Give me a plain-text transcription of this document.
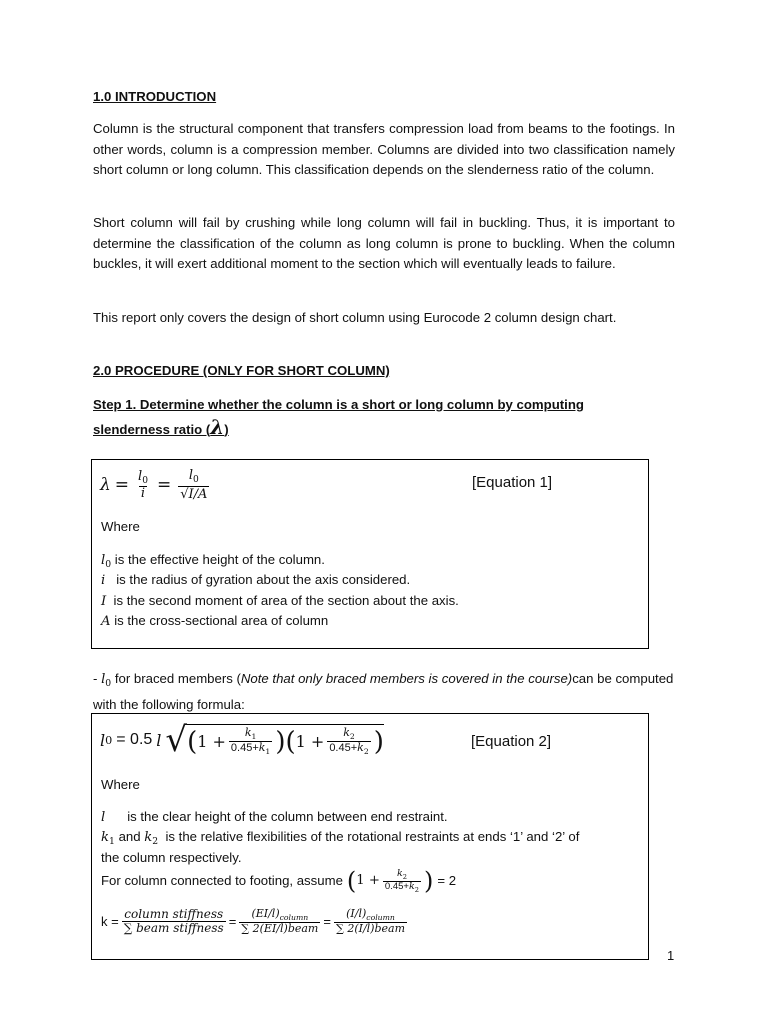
1.0 INTRODUCTION
Column is the structural component that transfers compression load from beams to the footings. In other words, column is a compression member. Columns are divided into two classification namely short column or long column. This classification depends on the slenderness ratio of the column.
Short column will fail by crushing while long column will fail in buckling. Thus, it is important to determine the classification of the column as long column is prone to buckling. When the column buckles, it will exert additional moment to the section which will eventually leads to failure.
This report only covers the design of short column using Eurocode 2 column design chart.
2.0 PROCEDURE (ONLY FOR SHORT COLUMN)
Step 1. Determine whether the column is a short or long column by computing slenderness ratio (λ)
$\lambda = \frac{l_0}{i} = \frac{l_0}{√I/A}$	[Equation 1]
Where
$l_0$ is the effective height of the column.
i is the radius of gyration about the axis considered.
I is the second moment of area of the section about the axis.
A is the cross-sectional area of column
- $l_0$ for braced members (Note that only braced members is covered in the course)can be computed with the following formula:
l 0 = 0.5 l √ ( $1 + \frac{k_1}{0.45+k_1}$ ) ( $1 + \frac{k_2}{0.45+k_2}$ )	[Equation 2]
Where
l is the clear height of the column between end restraint.
$k_1$ and $k_2$ is the relative flexibilities of the rotational restraints at ends ‘1’ and ‘2’ of
the column respectively.
For column connected to footing, assume ( $1 + \frac{k_2}{0.45+k_2}$ ) = 2
$k = \frac{\text{column stiffness}}{\text{∑ beam stiffness}} = \frac{(EI/l)_{column}}{\text{∑ 2(EI/l)beam}} = \frac{(I/l)_{column}}{\text{∑ 2(I/l)beam}}$
1
